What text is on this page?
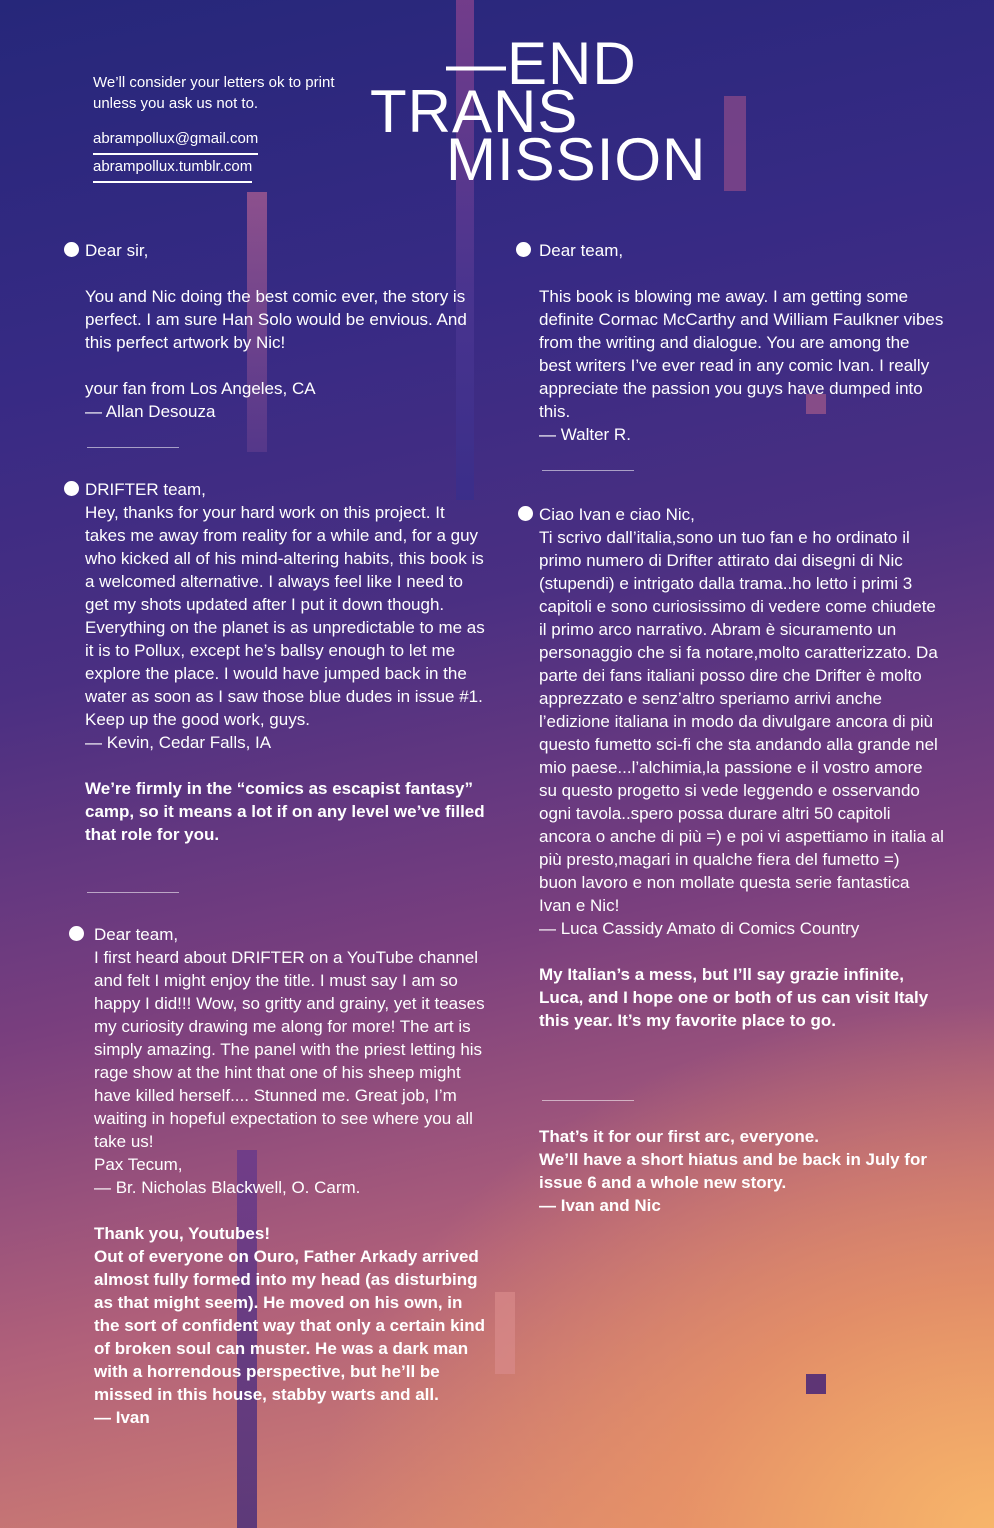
We’ll consider your letters ok to print unless you ask us not to.
abrampollux@gmail.com
abrampollux.tumblr.com
—END
TRANS
MISSION

Dear sir,

You and Nic doing the best comic ever, the story is perfect. I am sure Han Solo would be envious. And this perfect artwork by Nic!

your fan from Los Angeles, CA

— Allan Desouza

DRIFTER team,

Hey, thanks for your hard work on this project. It takes me away from reality for a while and, for a guy who kicked all of his mind-altering habits, this book is a welcomed alternative. I always feel like I need to get my shots updated after I put it down though. Everything on the planet is as unpredictable to me as it is to Pollux, except he’s ballsy enough to let me explore the place. I would have jumped back in the water as soon as I saw those blue dudes in issue #1. Keep up the good work, guys.

— Kevin, Cedar Falls, IA

We’re firmly in the “comics as escapist fantasy” camp, so it means a lot if on any level we’ve filled that role for you.

Dear team,

I first heard about DRIFTER on a YouTube channel and felt I might enjoy the title. I must say I am so happy I did!!! Wow, so gritty and grainy, yet it teases my curiosity drawing me along for more! The art is simply amazing. The panel with the priest letting his rage show at the hint that one of his sheep might have killed herself.... Stunned me. Great job, I’m waiting in hopeful expectation to see where you all take us!

Pax Tecum,

— Br. Nicholas Blackwell, O. Carm.

Thank you, Youtubes!

Out of everyone on Ouro, Father Arkady arrived almost fully formed into my head (as disturbing as that might seem). He moved on his own, in the sort of confident way that only a certain kind of broken soul can muster. He was a dark man with a horrendous perspective, but he’ll be missed in this house, stabby warts and all.

— Ivan

Dear team,

This book is blowing me away. I am getting some definite Cormac McCarthy and William Faulkner vibes from the writing and dialogue. You are among the best writers I’ve ever read in any comic Ivan. I really appreciate the passion you guys have dumped into this.

— Walter R.

Ciao Ivan e ciao Nic,

Ti scrivo dall’italia,sono un tuo fan e ho ordinato il primo numero di Drifter attirato dai disegni di Nic (stupendi) e intrigato dalla trama..ho letto i primi 3 capitoli e sono curiosissimo di vedere come chiudete il primo arco narrativo. Abram è sicuramento un personaggio che si fa notare,molto caratterizzato. Da parte dei fans italiani posso dire che Drifter è molto apprezzato e senz’altro speriamo arrivi anche l’edizione italiana in modo da divulgare ancora di più questo fumetto sci-fi che sta andando alla grande nel mio paese...l’alchimia,la passione e il vostro amore su questo progetto si vede leggendo e osservando ogni tavola..spero possa durare altri 50 capitoli ancora o anche di più =) e poi vi aspettiamo in italia al più presto,magari in qualche fiera del fumetto =)

buon lavoro e non mollate questa serie fantastica Ivan e Nic!

— Luca Cassidy Amato di Comics Country

My Italian’s a mess, but I’ll say grazie infinite, Luca, and I hope one or both of us can visit Italy this year. It’s my favorite place to go.

That’s it for our first arc, everyone.

We’ll have a short hiatus and be back in July for issue 6 and a whole new story.

— Ivan and Nic
